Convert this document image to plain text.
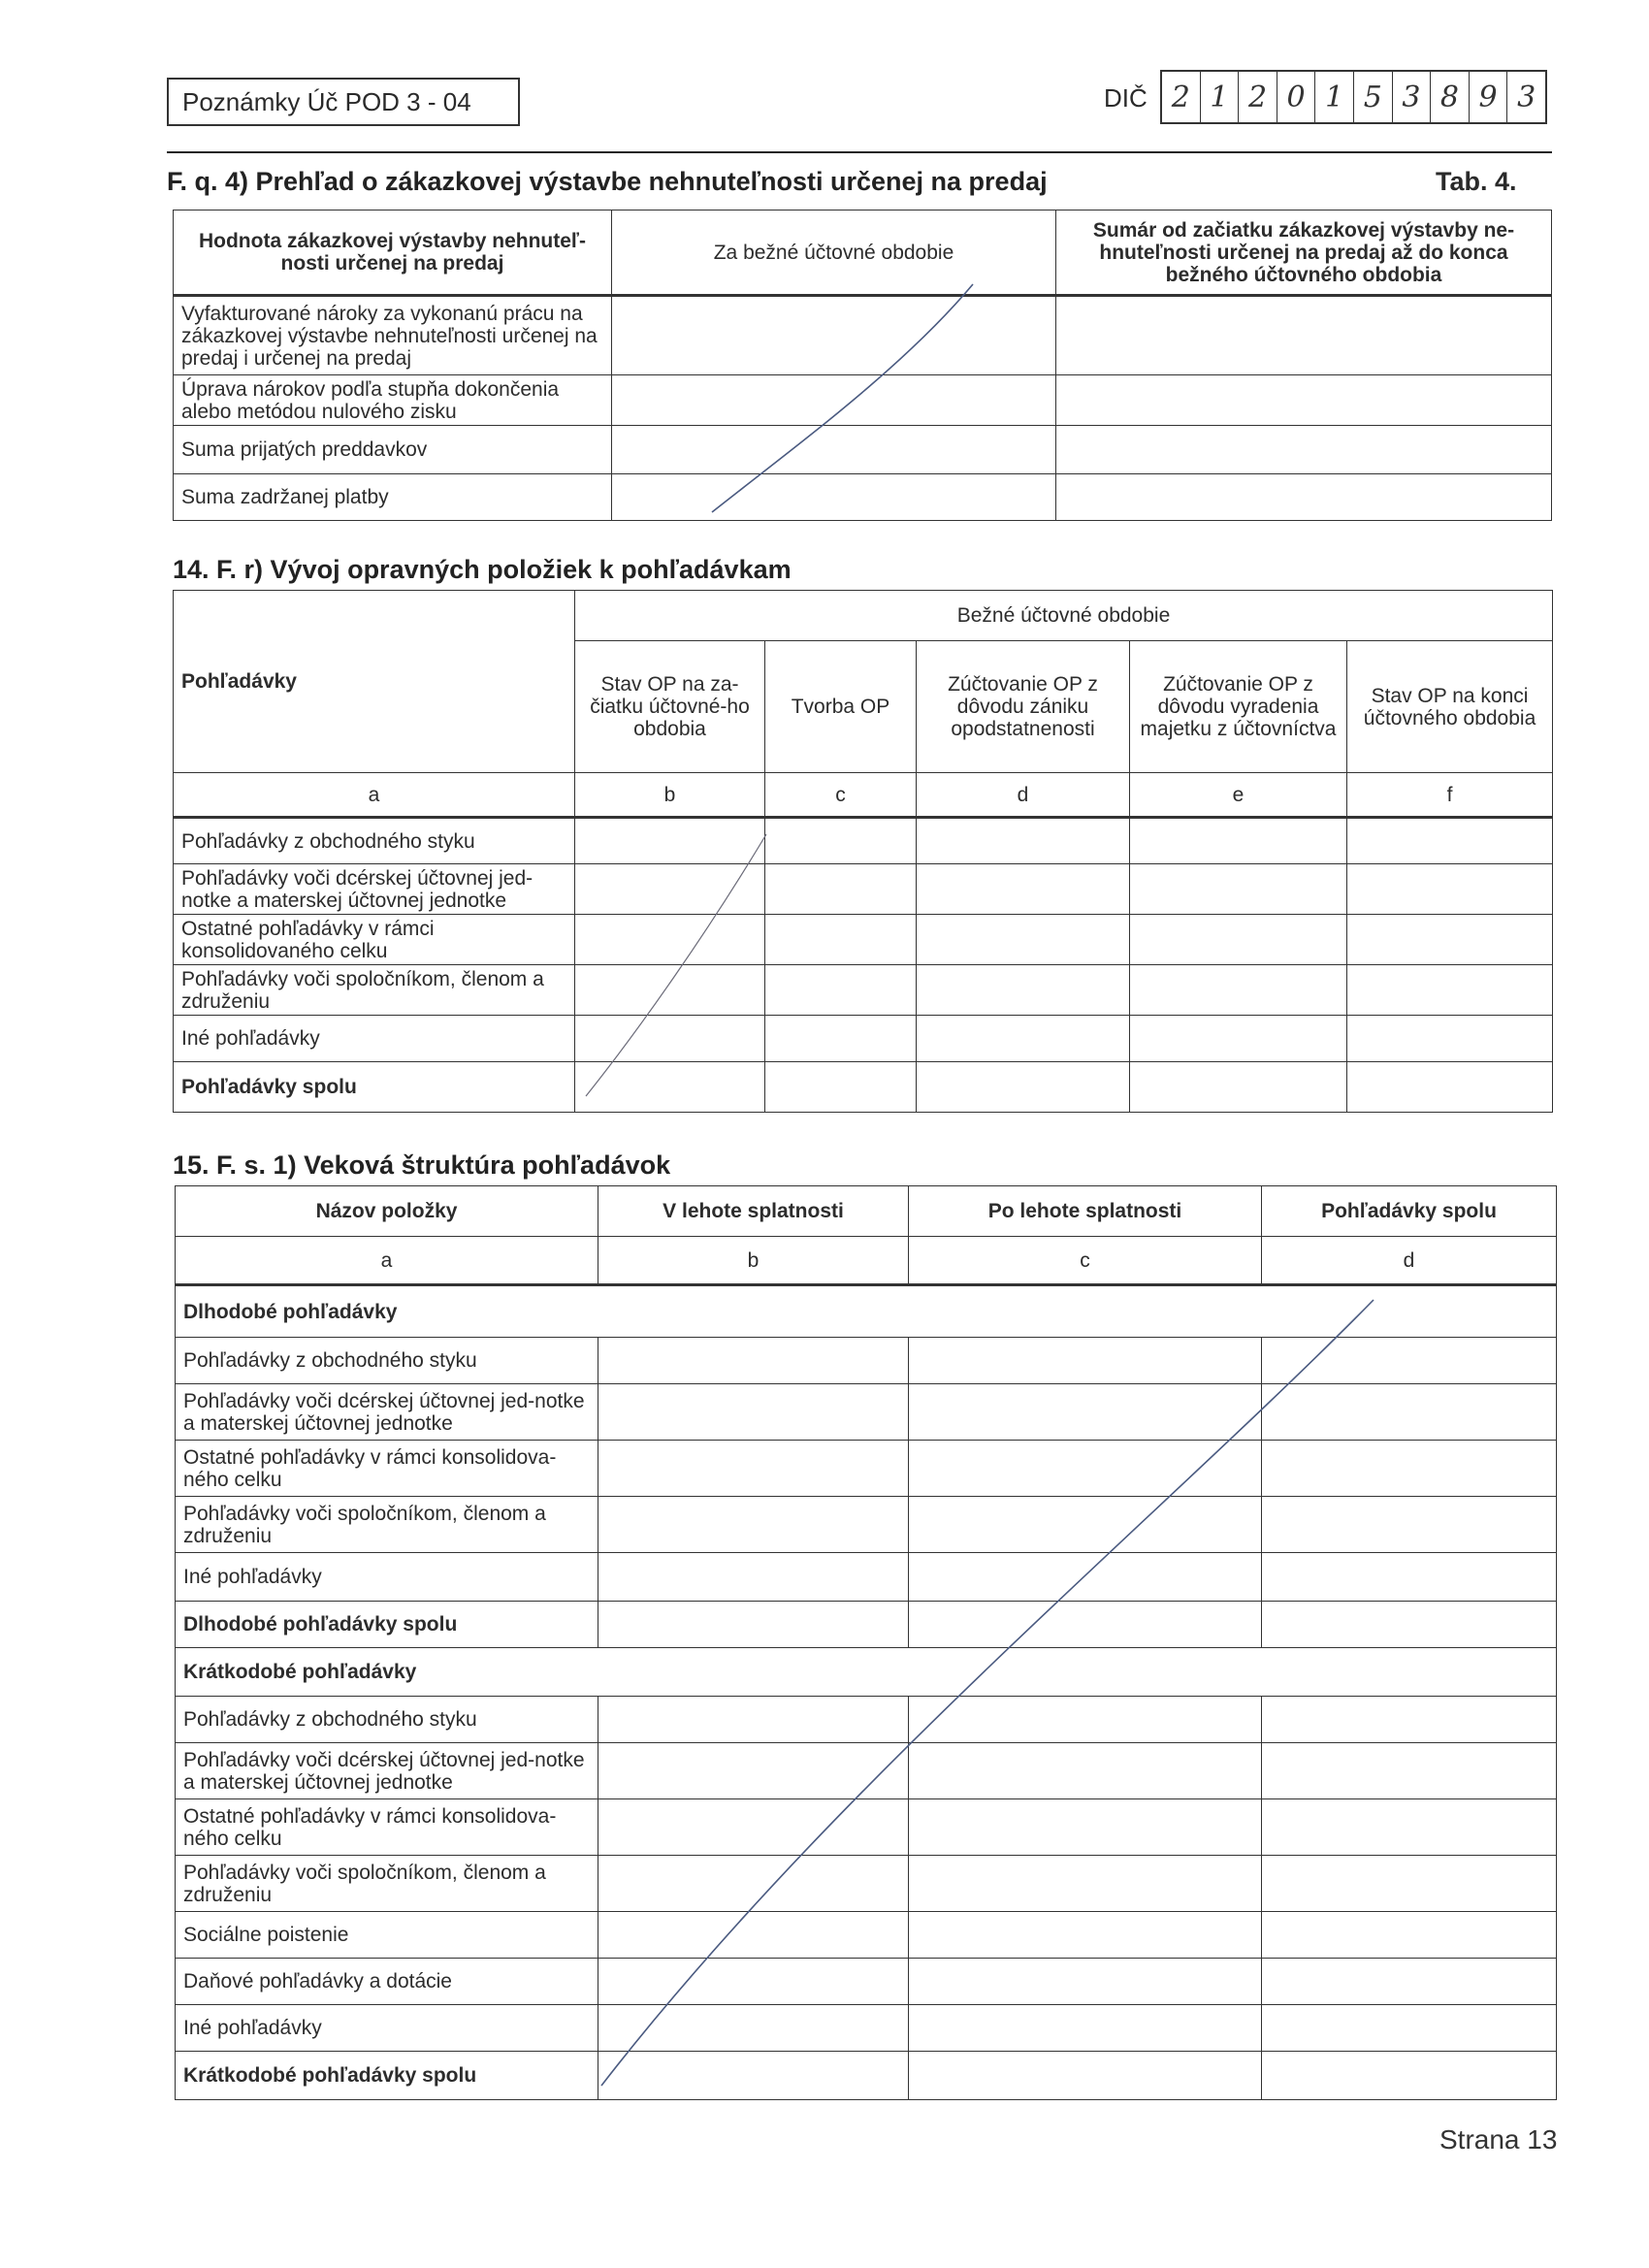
Poznámky Úč POD 3 - 04	DIČ 2 1 2 0 1 5 3 8 9 3
F. q. 4) Prehľad o zákazkovej výstavbe nehnuteľnosti určenej na predaj	Tab. 4.
Hodnota zákazkovej výstavby nehnuteľ-nosti určenej na predaj	Za bežné účtovné obdobie	Sumár od začiatku zákazkovej výstavby ne-hnuteľnosti určenej na predaj až do konca bežného účtovného obdobia
Vyfakturované nároky za vykonanú prácu na zákazkovej výstavbe nehnuteľnosti určenej na predaj i určenej na predaj		
Úprava nárokov podľa stupňa dokončenia alebo metódou nulového zisku		
Suma prijatých preddavkov		
Suma zadržanej platby		
14. F. r) Vývoj opravných položiek k pohľadávkam
Pohľadávky	Bežné účtovné obdobie				
	Stav OP na za-čiatku účtovné-ho obdobia	Tvorba OP	Zúčtovanie OP z dôvodu zániku opodstatnenosti	Zúčtovanie OP z dôvodu vyradenia majetku z účtovníctva	Stav OP na konci účtovného obdobia
a	b	c	d	e	f
Pohľadávky z obchodného styku					
Pohľadávky voči dcérskej účtovnej jed-notke a materskej účtovnej jednotke					
Ostatné pohľadávky v rámci konsolidovaného celku					
Pohľadávky voči spoločníkom, členom a združeniu					
Iné pohľadávky					
Pohľadávky spolu					
15. F. s. 1) Veková štruktúra pohľadávok
Názov položky	V lehote splatnosti	Po lehote splatnosti	Pohľadávky spolu
a	b	c	d
Dlhodobé pohľadávky			
Pohľadávky z obchodného styku			
Pohľadávky voči dcérskej účtovnej jed-notke a materskej účtovnej jednotke			
Ostatné pohľadávky v rámci konsolidova-ného celku			
Pohľadávky voči spoločníkom, členom a združeniu			
Iné pohľadávky			
Dlhodobé pohľadávky spolu			
Krátkodobé pohľadávky			
Pohľadávky z obchodného styku			
Pohľadávky voči dcérskej účtovnej jed-notke a materskej účtovnej jednotke			
Ostatné pohľadávky v rámci konsolidova-ného celku			
Pohľadávky voči spoločníkom, členom a združeniu			
Sociálne poistenie			
Daňové pohľadávky a dotácie			
Iné pohľadávky			
Krátkodobé pohľadávky spolu			
Strana 13
